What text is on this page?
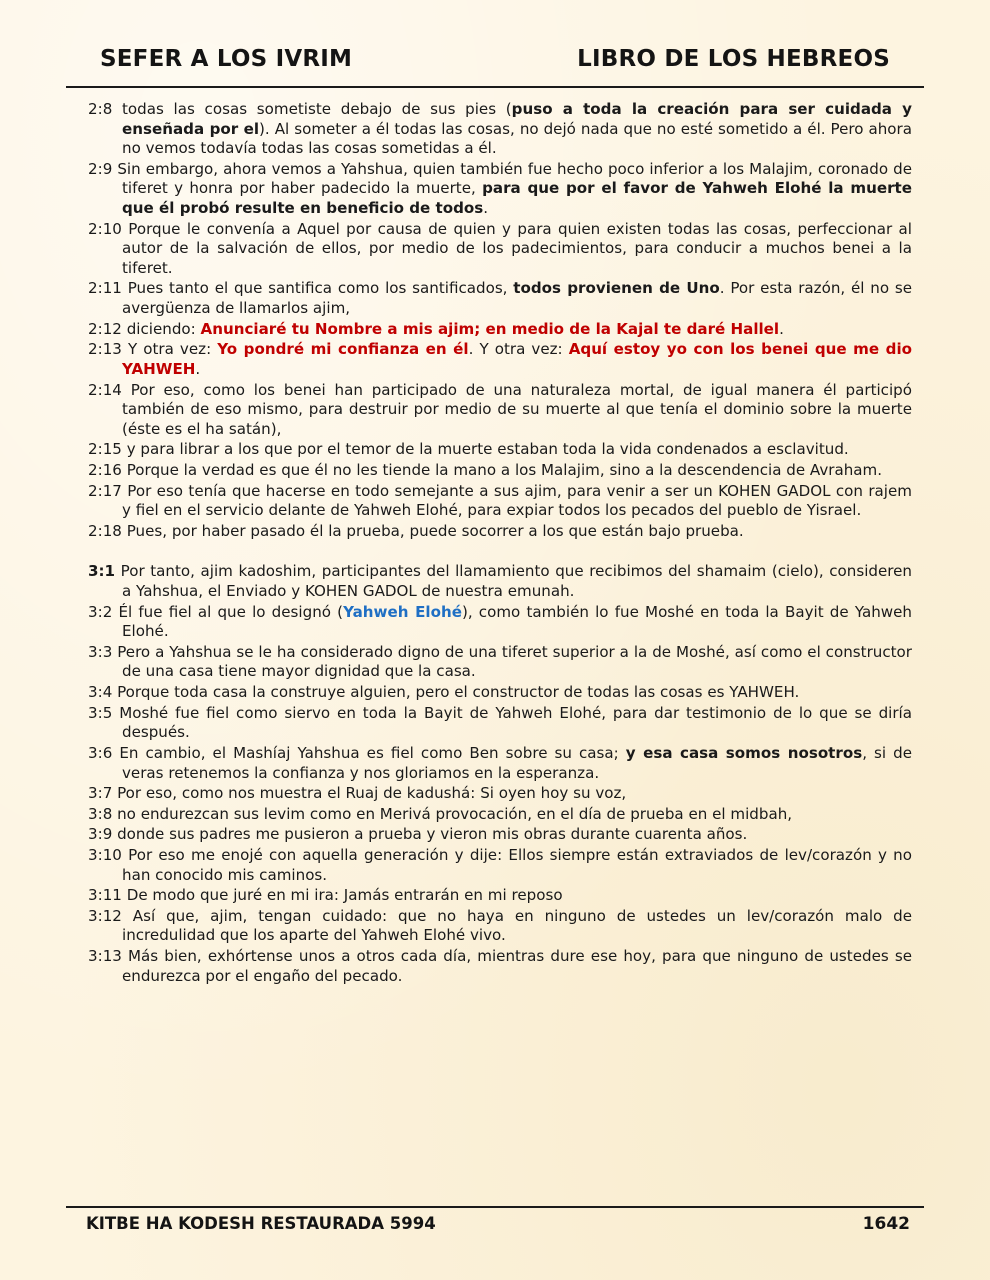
SEFER A LOS IVRIM	LIBRO DE LOS HEBREOS

2:8 todas las cosas sometiste debajo de sus pies (puso a toda la creación para ser cuidada y enseñada por el). Al someter a él todas las cosas, no dejó nada que no esté sometido a él. Pero ahora no vemos todavía todas las cosas sometidas a él.

2:9 Sin embargo, ahora vemos a Yahshua, quien también fue hecho poco inferior a los Malajim, coronado de tiferet y honra por haber padecido la muerte, para que por el favor de Yahweh Elohé la muerte que él probó resulte en beneficio de todos.

2:10 Porque le convenía a Aquel por causa de quien y para quien existen todas las cosas, perfeccionar al autor de la salvación de ellos, por medio de los padecimientos, para conducir a muchos benei a la tiferet.

2:11 Pues tanto el que santifica como los santificados, todos provienen de Uno. Por esta razón, él no se avergüenza de llamarlos ajim,

2:12 diciendo: Anunciaré tu Nombre a mis ajim; en medio de la Kajal te daré Hallel.

2:13 Y otra vez: Yo pondré mi confianza en él. Y otra vez: Aquí estoy yo con los benei que me dio YAHWEH.

2:14 Por eso, como los benei han participado de una naturaleza mortal, de igual manera él participó también de eso mismo, para destruir por medio de su muerte al que tenía el dominio sobre la muerte (éste es el ha satán),

2:15 y para librar a los que por el temor de la muerte estaban toda la vida condenados a esclavitud.

2:16 Porque la verdad es que él no les tiende la mano a los Malajim, sino a la descendencia de Avraham.

2:17 Por eso tenía que hacerse en todo semejante a sus ajim, para venir a ser un KOHEN GADOL con rajem y fiel en el servicio delante de Yahweh Elohé, para expiar todos los pecados del pueblo de Yisrael.

2:18 Pues, por haber pasado él la prueba, puede socorrer a los que están bajo prueba.

3:1 Por tanto, ajim kadoshim, participantes del llamamiento que recibimos del shamaim (cielo), consideren a Yahshua, el Enviado y KOHEN GADOL de nuestra emunah.

3:2 Él fue fiel al que lo designó (Yahweh Elohé), como también lo fue Moshé en toda la Bayit de Yahweh Elohé.

3:3 Pero a Yahshua se le ha considerado digno de una tiferet superior a la de Moshé, así como el constructor de una casa tiene mayor dignidad que la casa.

3:4 Porque toda casa la construye alguien, pero el constructor de todas las cosas es YAHWEH.

3:5 Moshé fue fiel como siervo en toda la Bayit de Yahweh Elohé, para dar testimonio de lo que se diría después.

3:6 En cambio, el Mashíaj Yahshua es fiel como Ben sobre su casa; y esa casa somos nosotros, si de veras retenemos la confianza y nos gloriamos en la esperanza.

3:7 Por eso, como nos muestra el Ruaj de kadushá: Si oyen hoy su voz,

3:8 no endurezcan sus levim como en Merivá provocación, en el día de prueba en el midbah,

3:9 donde sus padres me pusieron a prueba y vieron mis obras durante cuarenta años.

3:10 Por eso me enojé con aquella generación y dije: Ellos siempre están extraviados de lev/corazón y no han conocido mis caminos.

3:11 De modo que juré en mi ira: Jamás entrarán en mi reposo

3:12 Así que, ajim, tengan cuidado: que no haya en ninguno de ustedes un lev/corazón malo de incredulidad que los aparte del Yahweh Elohé vivo.

3:13 Más bien, exhórtense unos a otros cada día, mientras dure ese hoy, para que ninguno de ustedes se endurezca por el engaño del pecado.

KITBE HA KODESH RESTAURADA 5994	1642
